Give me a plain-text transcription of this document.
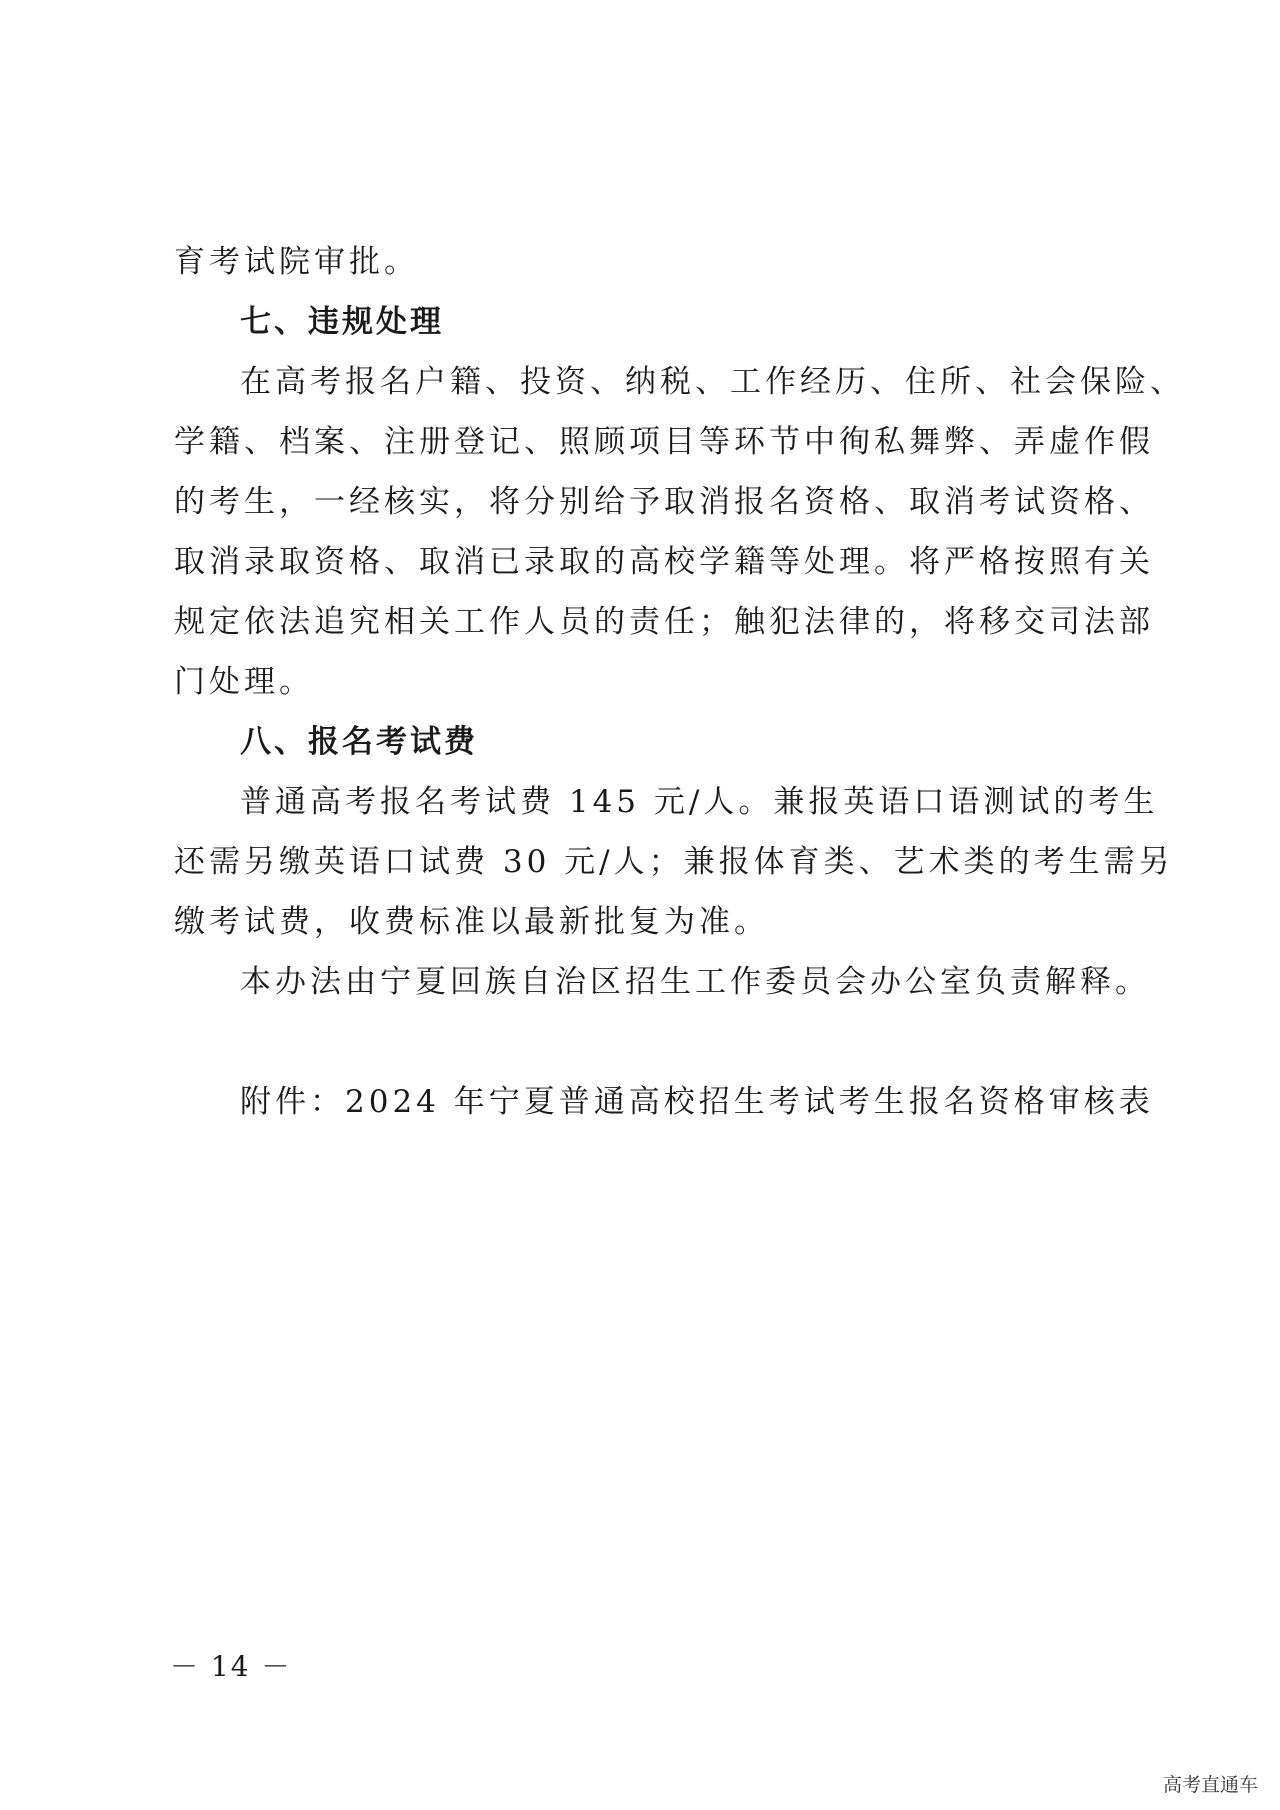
育考试院审批。
七、违规处理
在高考报名户籍、投资、纳税、工作经历、住所、社会保险、
学籍、档案、注册登记、照顾项目等环节中徇私舞弊、弄虚作假
的考生，一经核实，将分别给予取消报名资格、取消考试资格、
取消录取资格、取消已录取的高校学籍等处理。将严格按照有关
规定依法追究相关工作人员的责任；触犯法律的，将移交司法部
门处理。
八、报名考试费
普通高考报名考试费 145 元/人。兼报英语口语测试的考生
还需另缴英语口试费 30 元/人；兼报体育类、艺术类的考生需另
缴考试费，收费标准以最新批复为准。
本办法由宁夏回族自治区招生工作委员会办公室负责解释。
附件：2024 年宁夏普通高校招生考试考生报名资格审核表
－ 14 －
高考直通车
